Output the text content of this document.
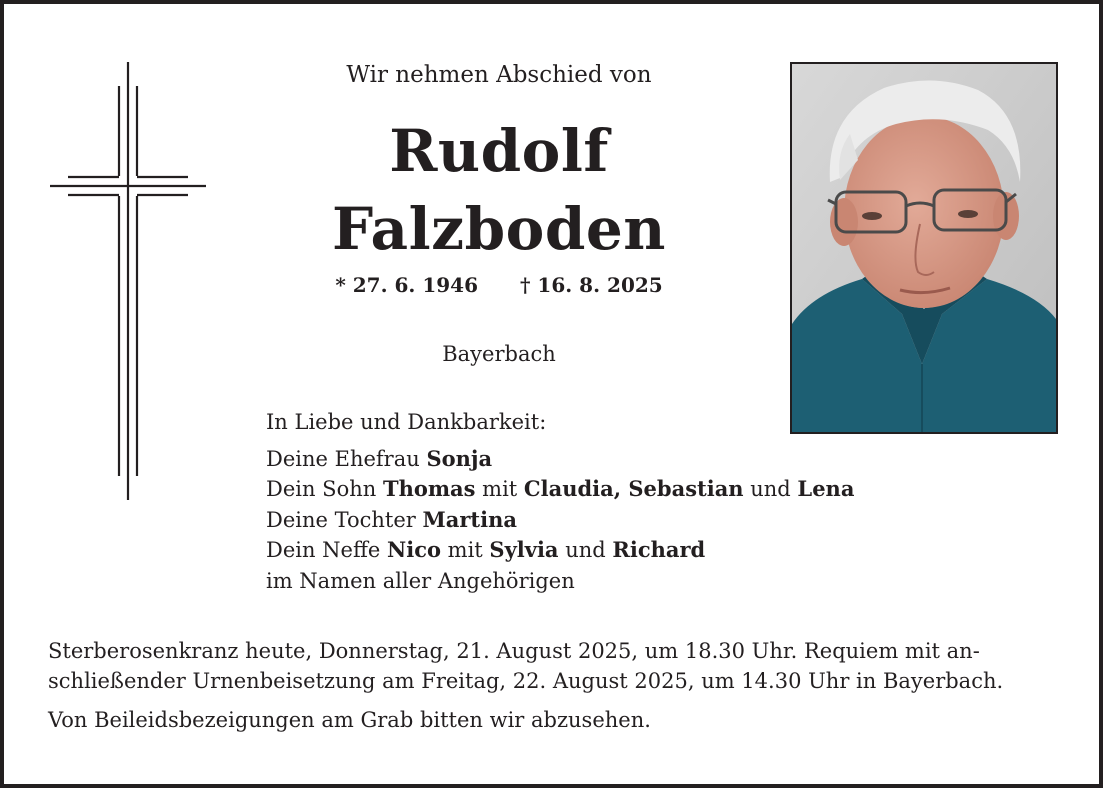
Wir nehmen Abschied von
Rudolf
Falzboden
* 27. 6. 1946 † 16. 8. 2025
Bayerbach
In Liebe und Dankbarkeit:
Deine Ehefrau Sonja
Dein Sohn Thomas mit Claudia, Sebastian und Lena
Deine Tochter Martina
Dein Neffe Nico mit Sylvia und Richard
im Namen aller Angehörigen

Sterberosenkranz heute, Donnerstag, 21. August 2025, um 18.30 Uhr. Requiem mit an-
schließender Urnenbeisetzung am Freitag, 22. August 2025, um 14.30 Uhr in Bayerbach.

Von Beileidsbezeigungen am Grab bitten wir abzusehen.
